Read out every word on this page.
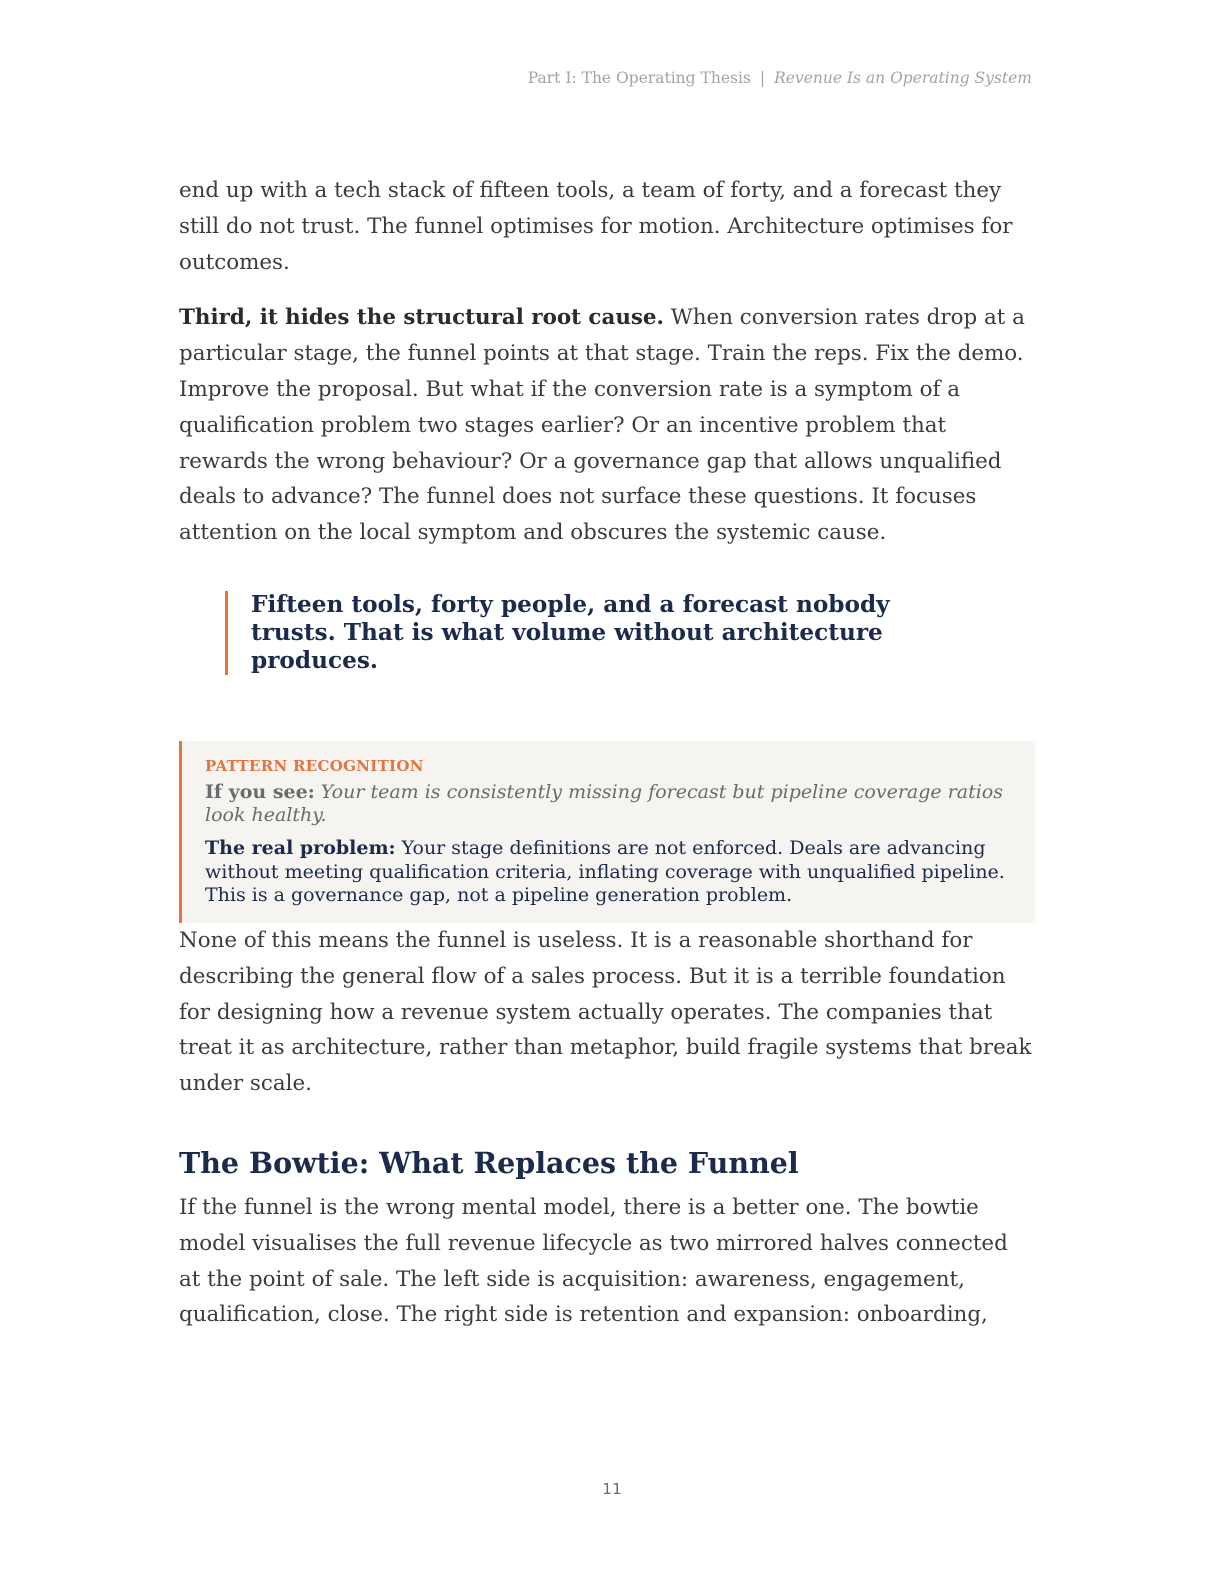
Part I: The Operating Thesis | Revenue Is an Operating System

end up with a tech stack of fifteen tools, a team of forty, and a forecast they still do not trust. The funnel optimises for motion. Architecture optimises for outcomes.

Third, it hides the structural root cause. When conversion rates drop at a particular stage, the funnel points at that stage. Train the reps. Fix the demo. Improve the proposal. But what if the conversion rate is a symptom of a qualification problem two stages earlier? Or an incentive problem that rewards the wrong behaviour? Or a governance gap that allows unqualified deals to advance? The funnel does not surface these questions. It focuses attention on the local symptom and obscures the systemic cause.

Fifteen tools, forty people, and a forecast nobody trusts. That is what volume without architecture produces.
PATTERN RECOGNITION
If you see: Your team is consistently missing forecast but pipeline coverage ratios look healthy.
The real problem: Your stage definitions are not enforced. Deals are advancing without meeting qualification criteria, inflating coverage with unqualified pipeline. This is a governance gap, not a pipeline generation problem.

None of this means the funnel is useless. It is a reasonable shorthand for describing the general flow of a sales process. But it is a terrible foundation for designing how a revenue system actually operates. The companies that treat it as architecture, rather than metaphor, build fragile systems that break under scale.

The Bowtie: What Replaces the Funnel

If the funnel is the wrong mental model, there is a better one. The bowtie model visualises the full revenue lifecycle as two mirrored halves connected at the point of sale. The left side is acquisition: awareness, engagement, qualification, close. The right side is retention and expansion: onboarding,

11
